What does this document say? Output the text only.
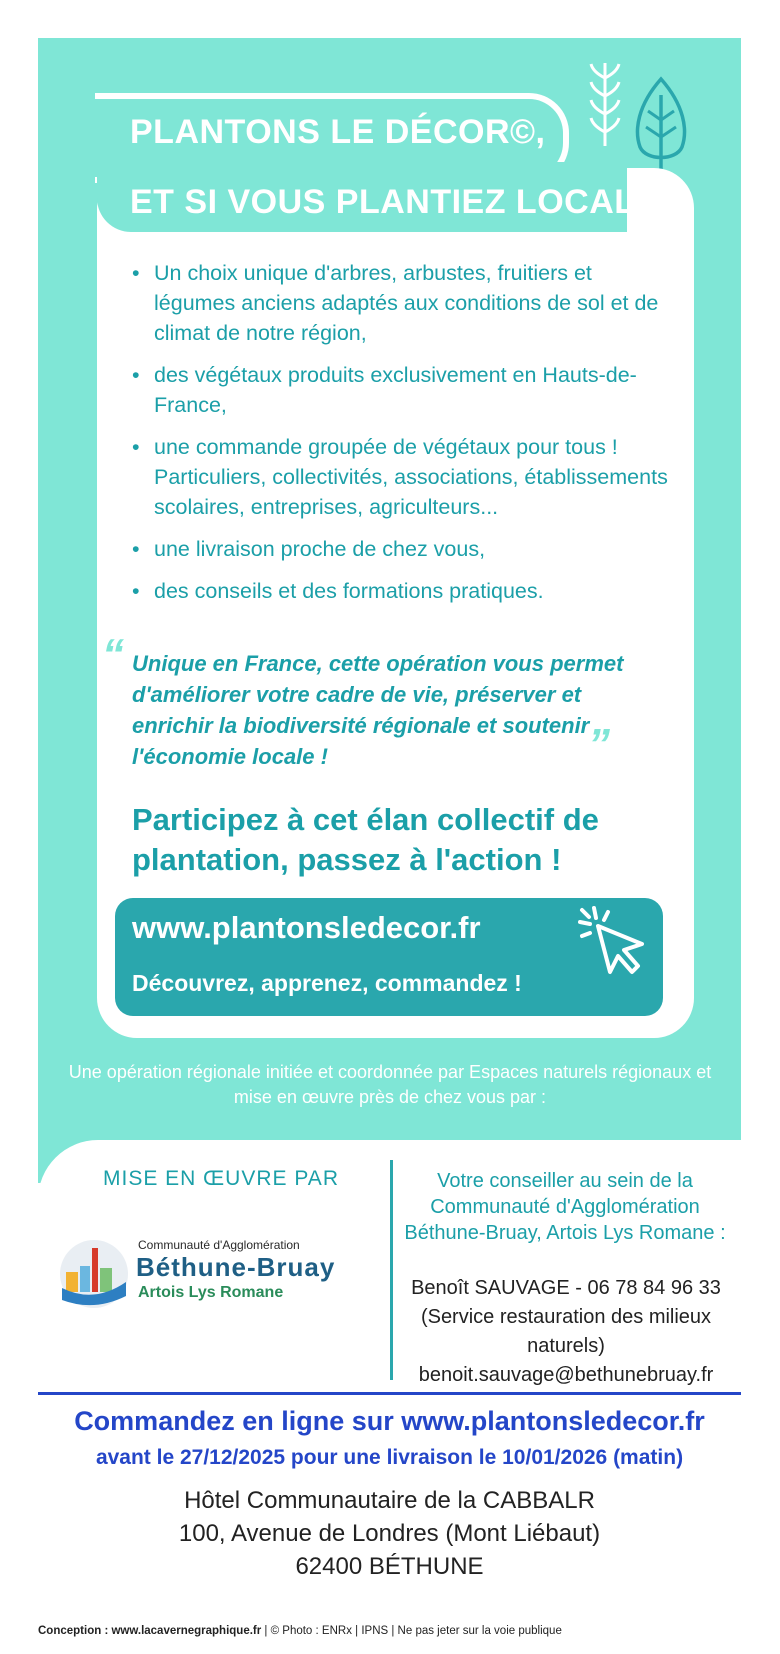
PLANTONS LE DÉCOR©,
ET SI VOUS PLANTIEZ LOCAL ?
• Un choix unique d'arbres, arbustes, fruitiers et légumes anciens adaptés aux conditions de sol et de climat de notre région,
• des végétaux produits exclusivement en Hauts-de-France,
• une commande groupée de végétaux pour tous ! Particuliers, collectivités, associations, établissements scolaires, entreprises, agriculteurs...
• une livraison proche de chez vous,
• des conseils et des formations pratiques.
“ Unique en France, cette opération vous permet d'améliorer votre cadre de vie, préserver et enrichir la biodiversité régionale et soutenir l'économie locale !	”
Participez à cet élan collectif de plantation, passez à l'action !
www.plantonsledecor.fr
Découvrez, apprenez, commandez !
Une opération régionale initiée et coordonnée par Espaces naturels régionaux et mise en œuvre près de chez vous par :
MISE EN ŒUVRE PAR
Communauté d'Agglomération
Béthune-Bruay
Artois Lys Romane
Votre conseiller au sein de la Communauté d'Agglomération Béthune-Bruay, Artois Lys Romane :
Benoît SAUVAGE - 06 78 84 96 33
(Service restauration des milieux naturels)
benoit.sauvage@bethunebruay.fr
Commandez en ligne sur www.plantonsledecor.fr
avant le 27/12/2025 pour une livraison le 10/01/2026 (matin)
Hôtel Communautaire de la CABBALR
100, Avenue de Londres (Mont Liébaut)
62400 BÉTHUNE
Conception : www.lacavernegraphique.fr | © Photo : ENRx | IPNS | Ne pas jeter sur la voie publique
